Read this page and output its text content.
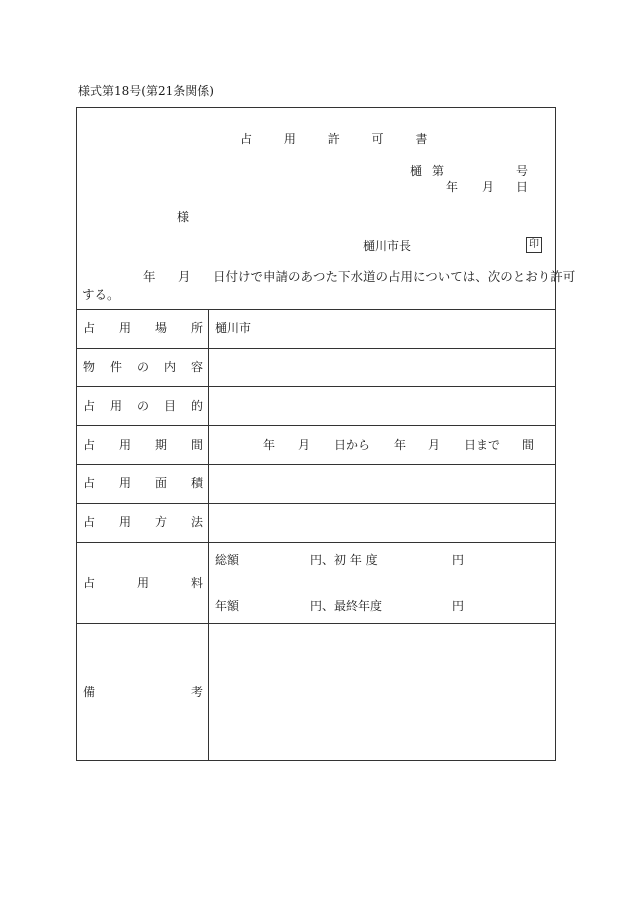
様式第18号(第21条関係)
占	用	許	可	書
樋 第	号
年 月 日
様
樋川市長	印
年 月 日付けで申請のあつた下水道の占用については、次のとおり許可
する。
占 用 場 所 樋川市
物 件 の 内 容
占 用 の 目 的
占 用 期 間	年 月 日から 年 月 日まで 間
占 用 面 積
占 用 方 法
占	用	料
総額	円、初 年 度	円
年額	円、最終年度	円
備	考
